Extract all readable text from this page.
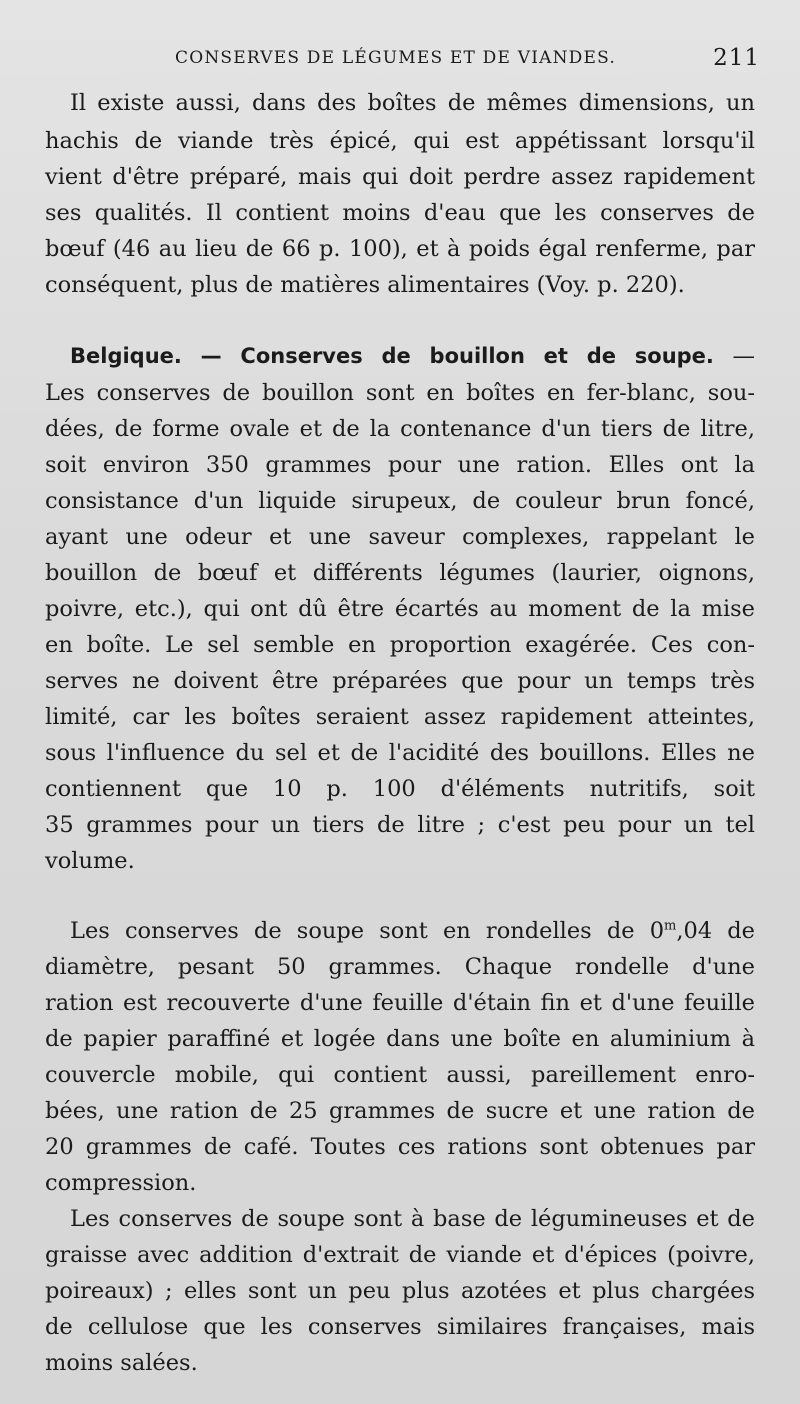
CONSERVES DE LÉGUMES ET DE VIANDES.	211
Il existe aussi, dans des boîtes de mêmes dimensions, un
hachis de viande très épicé, qui est appétissant lorsqu'il
vient d'être préparé, mais qui doit perdre assez rapidement
ses qualités. Il contient moins d'eau que les conserves de
bœuf (46 au lieu de 66 p. 100), et à poids égal renferme, par
conséquent, plus de matières alimentaires (Voy. p. 220).
Belgique. — Conserves de bouillon et de soupe. —
Les conserves de bouillon sont en boîtes en fer-blanc, sou-
dées, de forme ovale et de la contenance d'un tiers de litre,
soit environ 350 grammes pour une ration. Elles ont la
consistance d'un liquide sirupeux, de couleur brun foncé,
ayant une odeur et une saveur complexes, rappelant le
bouillon de bœuf et différents légumes (laurier, oignons,
poivre, etc.), qui ont dû être écartés au moment de la mise
en boîte. Le sel semble en proportion exagérée. Ces con-
serves ne doivent être préparées que pour un temps très
limité, car les boîtes seraient assez rapidement atteintes,
sous l'influence du sel et de l'acidité des bouillons. Elles ne
contiennent que 10 p. 100 d'éléments nutritifs, soit
35 grammes pour un tiers de litre ; c'est peu pour un tel
volume.
Les conserves de soupe sont en rondelles de 0$^m$,04 de
diamètre, pesant 50 grammes. Chaque rondelle d'une
ration est recouverte d'une feuille d'étain fin et d'une feuille
de papier paraffiné et logée dans une boîte en aluminium à
couvercle mobile, qui contient aussi, pareillement enro-
bées, une ration de 25 grammes de sucre et une ration de
20 grammes de café. Toutes ces rations sont obtenues par
compression.
Les conserves de soupe sont à base de légumineuses et de
graisse avec addition d'extrait de viande et d'épices (poivre,
poireaux) ; elles sont un peu plus azotées et plus chargées
de cellulose que les conserves similaires françaises, mais
moins salées.
